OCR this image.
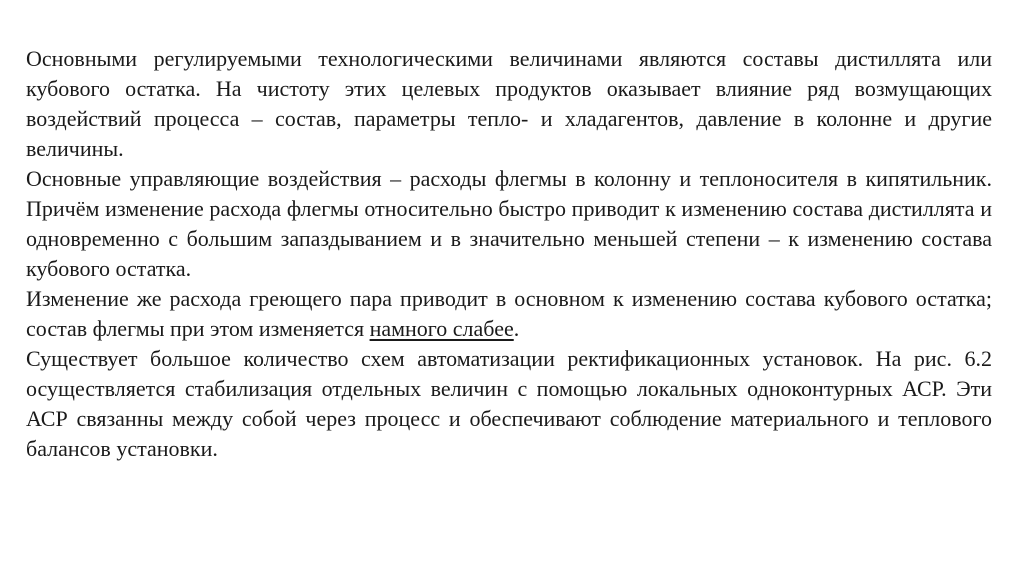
Основными регулируемыми технологическими величинами являются составы дистиллята или кубового остатка. На чистоту этих целевых продуктов оказывает влияние ряд возмущающих воздействий процесса – состав, параметры тепло- и хладагентов, давление в колонне и другие величины.

Основные управляющие воздействия – расходы флегмы в колонну и теплоносителя в кипятильник. Причём изменение расхода флегмы относительно быстро приводит к изменению состава дистиллята и одновременно с большим запаздыванием и в значительно меньшей степени – к изменению состава кубового остатка.

Изменение же расхода греющего пара приводит в основном к изменению состава кубового остатка; состав флегмы при этом изменяется намного слабее.

Существует большое количество схем автоматизации ректификационных установок. На рис. 6.2 осуществляется стабилизация отдельных величин с помощью локальных одноконтурных АСР. Эти АСР связанны между собой через процесс и обеспечивают соблюдение материального и теплового балансов установки.
